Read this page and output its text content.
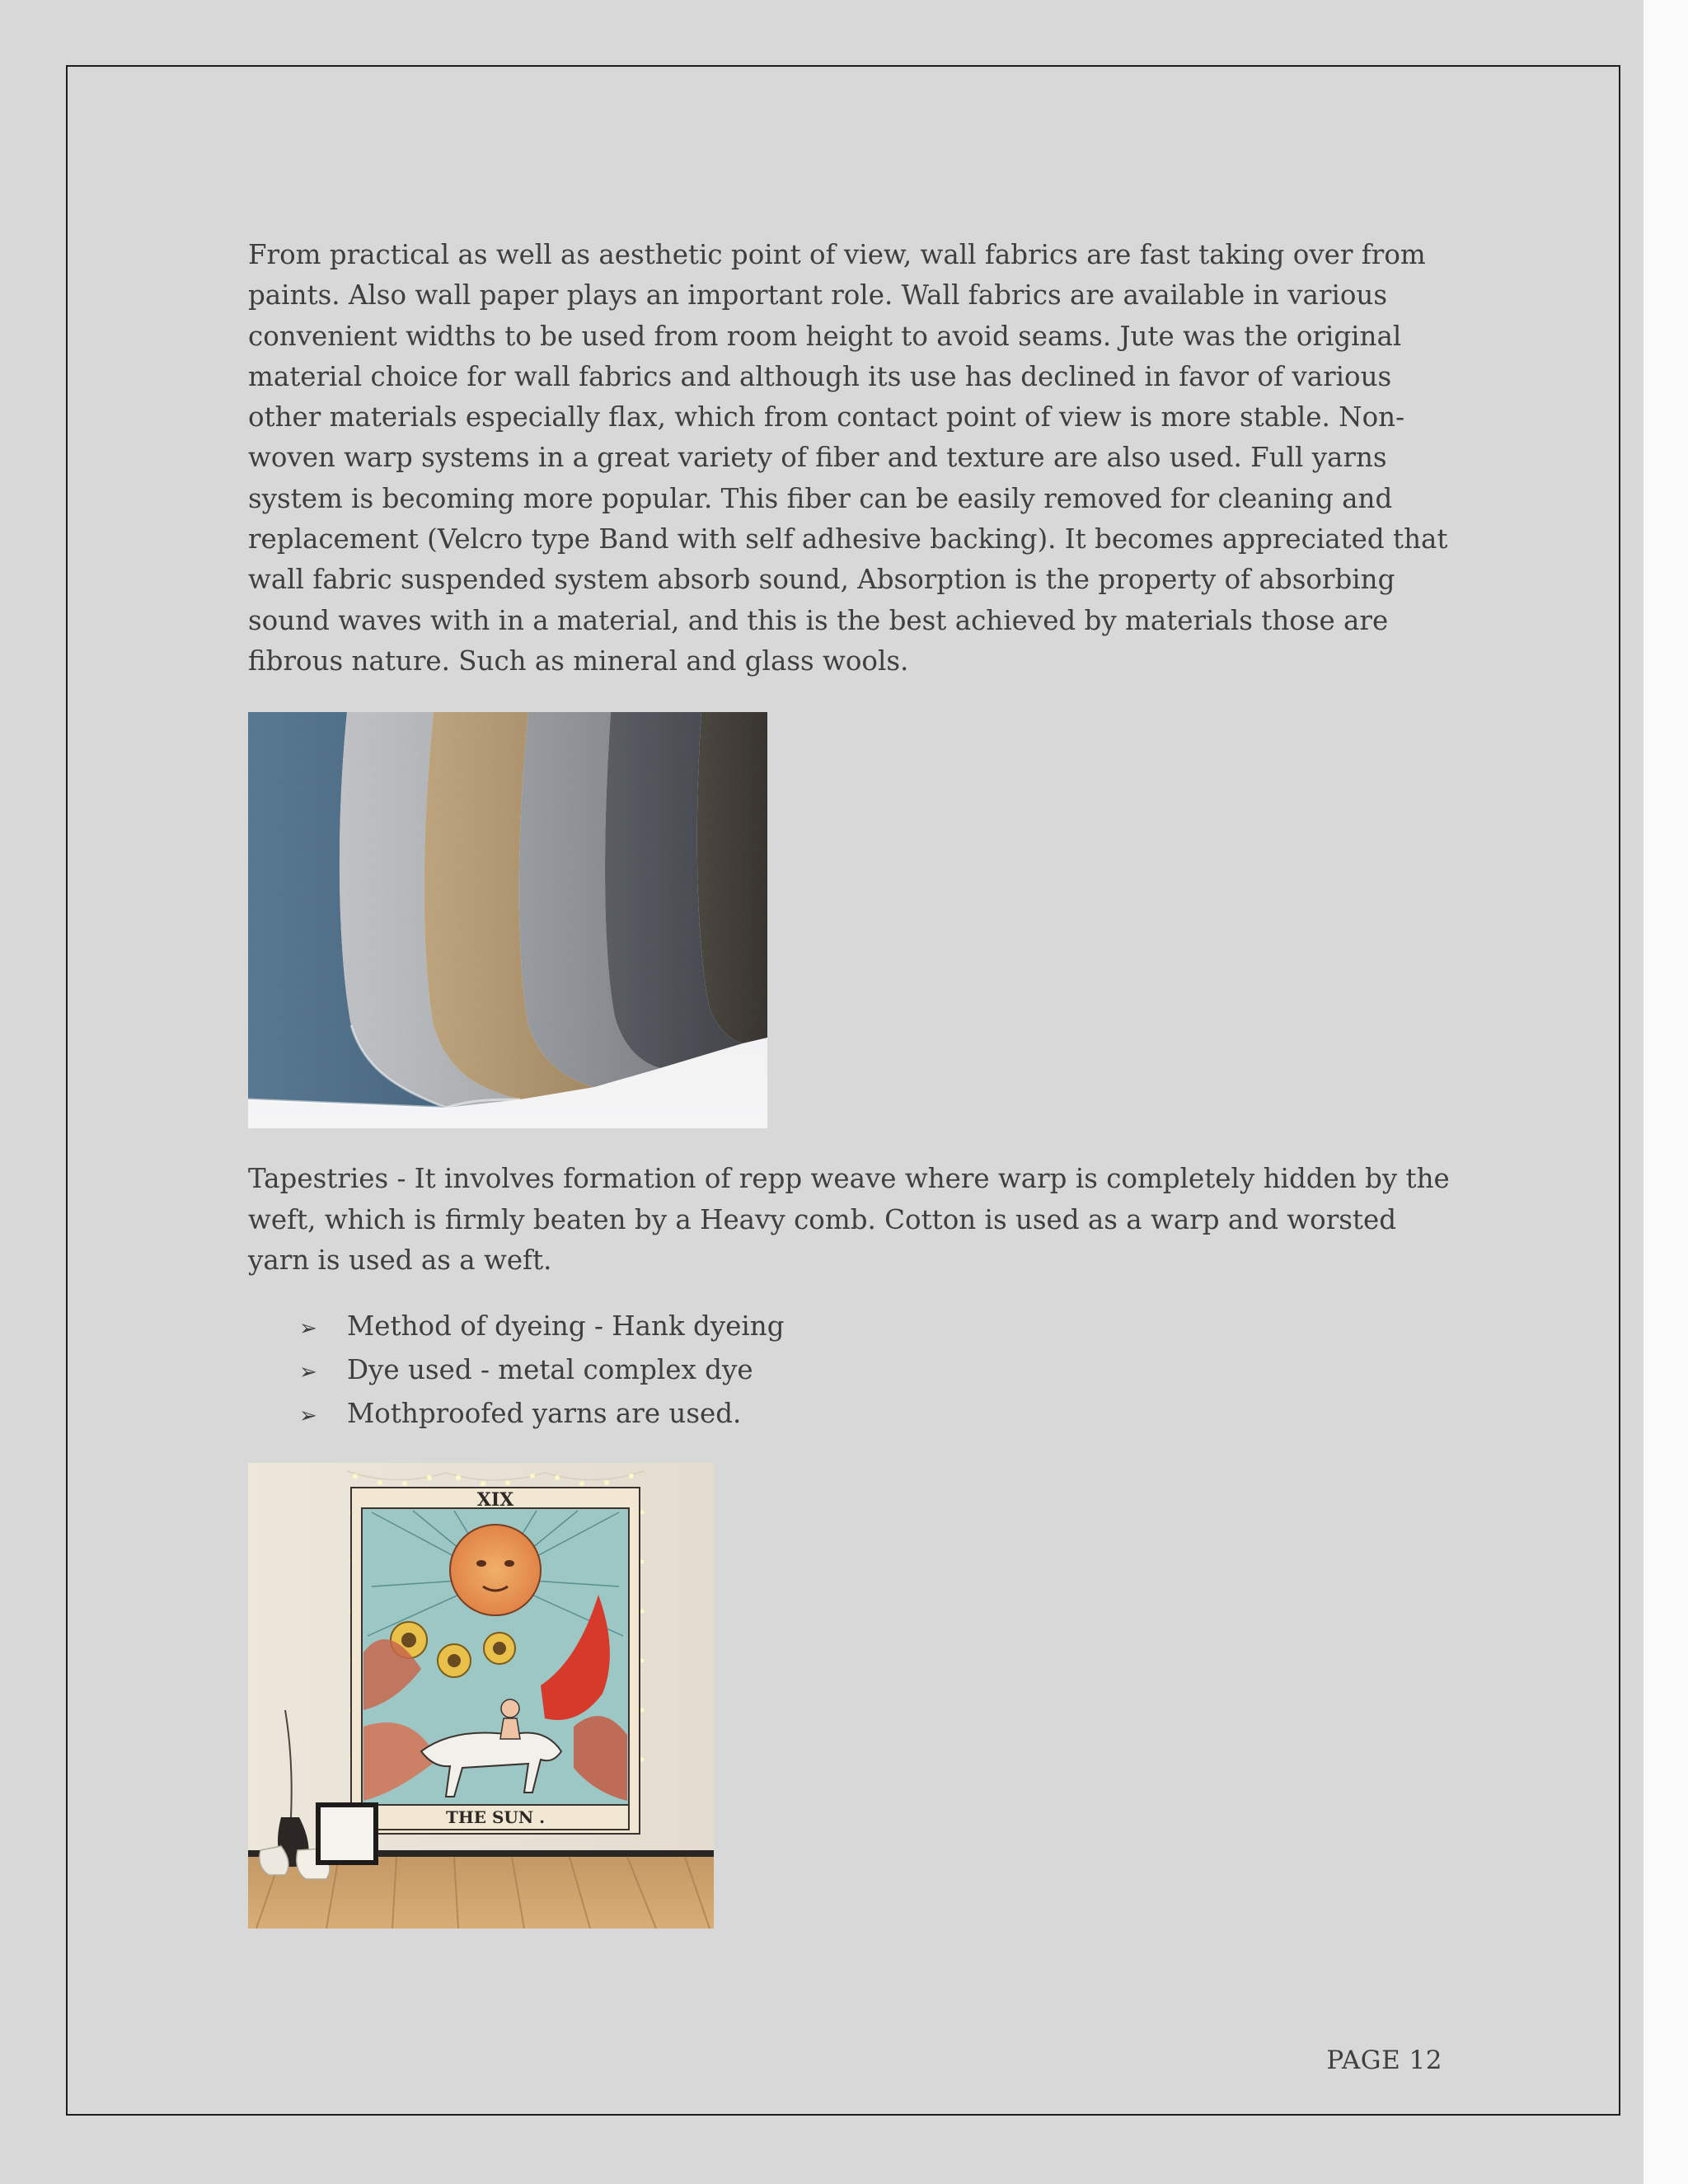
From practical as well as aesthetic point of view, wall fabrics are fast taking over from paints. Also wall paper plays an important role. Wall fabrics are available in various convenient widths to be used from room height to avoid seams. Jute was the original material choice for wall fabrics and although its use has declined in favor of various other materials especially flax, which from contact point of view is more stable. Non-woven warp systems in a great variety of fiber and texture are also used. Full yarns system is becoming more popular. This fiber can be easily removed for cleaning and replacement (Velcro type Band with self adhesive backing). It becomes appreciated that wall fabric suspended system absorb sound, Absorption is the property of absorbing sound waves with in a material, and this is the best achieved by materials those are fibrous nature. Such as mineral and glass wools.

Tapestries - It involves formation of repp weave where warp is completely hidden by the weft, which is firmly beaten by a Heavy comb. Cotton is used as a warp and worsted yarn is used as a weft.

➢	Method of dyeing - Hank dyeing
➢	Dye used - metal complex dye
➢	Mothproofed yarns are used.
THE SUN .
XIX
PAGE 12
